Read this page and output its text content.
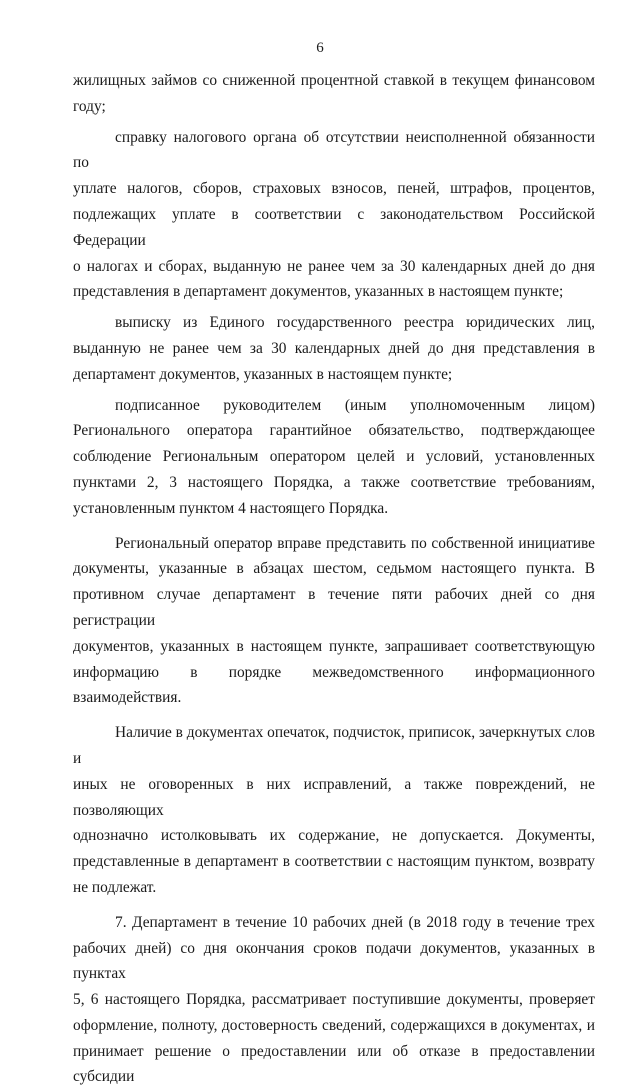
6

жилищных займов со сниженной процентной ставкой в текущем финансовом

году;

справку налогового органа об отсутствии неисполненной обязанности по

уплате налогов, сборов, страховых взносов, пеней, штрафов, процентов,

подлежащих уплате в соответствии с законодательством Российской Федерации

о налогах и сборах, выданную не ранее чем за 30 календарных дней до дня

представления в департамент документов, указанных в настоящем пункте;

выписку из Единого государственного реестра юридических лиц,

выданную не ранее чем за 30 календарных дней до дня представления в

департамент документов, указанных в настоящем пункте;

подписанное руководителем (иным уполномоченным лицом)

Регионального оператора гарантийное обязательство, подтверждающее

соблюдение Региональным оператором целей и условий, установленных

пунктами 2, 3 настоящего Порядка, а также соответствие требованиям,

установленным пунктом 4 настоящего Порядка.

Региональный оператор вправе представить по собственной инициативе

документы, указанные в абзацах шестом, седьмом настоящего пункта. В

противном случае департамент в течение пяти рабочих дней со дня регистрации

документов, указанных в настоящем пункте, запрашивает соответствующую

информацию в порядке межведомственного информационного взаимодействия.

Наличие в документах опечаток, подчисток, приписок, зачеркнутых слов и

иных не оговоренных в них исправлений, а также повреждений, не позволяющих

однозначно истолковывать их содержание, не допускается. Документы,

представленные в департамент в соответствии с настоящим пунктом, возврату

не подлежат.

7. Департамент в течение 10 рабочих дней (в 2018 году в течение трех

рабочих дней) со дня окончания сроков подачи документов, указанных в пунктах

5, 6 настоящего Порядка, рассматривает поступившие документы, проверяет

оформление, полноту, достоверность сведений, содержащихся в документах, и

принимает решение о предоставлении или об отказе в предоставлении субсидии
